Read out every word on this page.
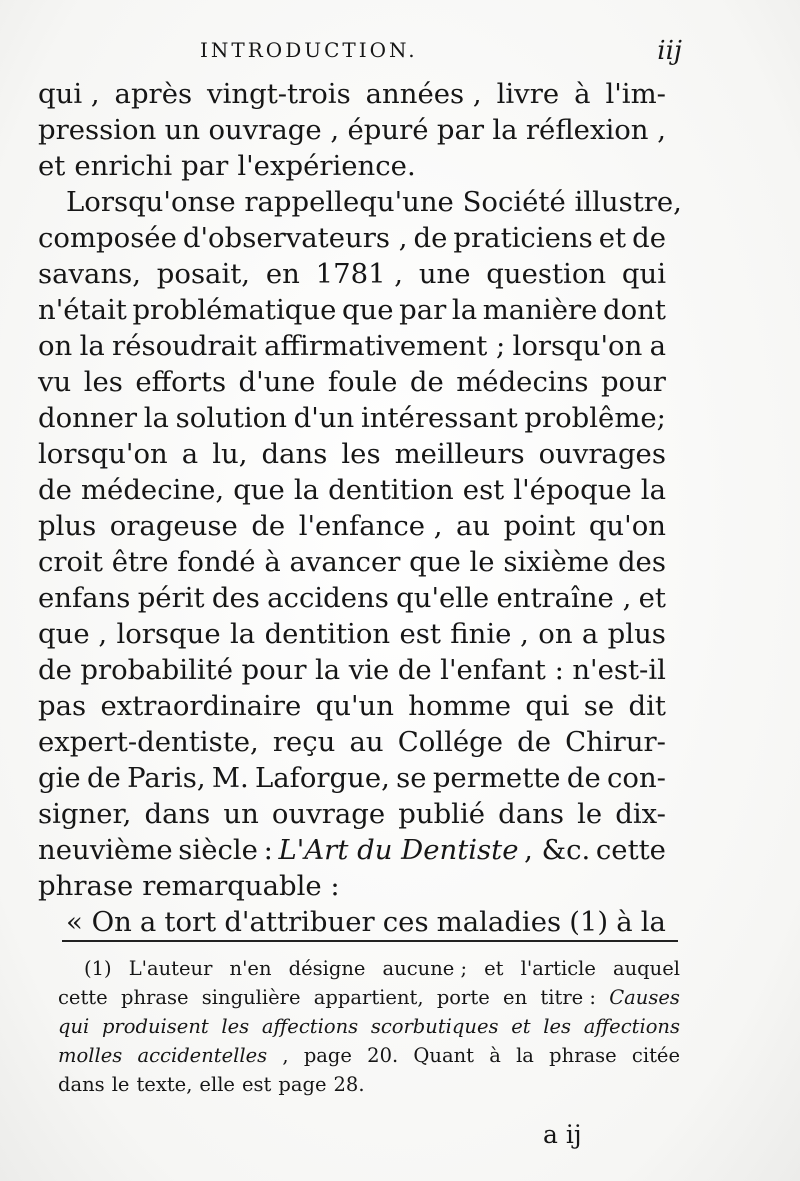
INTRODUCTION.	iij
qui , après vingt-trois années , livre à l'im-
pression un ouvrage , épuré par la réflexion ,
et enrichi par l'expérience.
Lorsqu'on se rappelle qu'une Société illustre,
composée d'observateurs , de praticiens et de
savans, posait, en 1781 , une question qui
n'était problématique que par la manière dont
on la résoudrait affirmativement ; lorsqu'on a
vu les efforts d'une foule de médecins pour
donner la solution d'un intéressant problême;
lorsqu'on a lu, dans les meilleurs ouvrages
de médecine, que la dentition est l'époque la
plus orageuse de l'enfance , au point qu'on
croit être fondé à avancer que le sixième des
enfans périt des accidens qu'elle entraîne , et
que , lorsque la dentition est finie , on a plus
de probabilité pour la vie de l'enfant : n'est-il
pas extraordinaire qu'un homme qui se dit
expert-dentiste, reçu au Collége de Chirur-
gie de Paris, M. Laforgue, se permette de con-
signer, dans un ouvrage publié dans le dix-
neuvième siècle : L'Art du Dentiste , &c. cette
phrase remarquable :
« On a tort d'attribuer ces maladies (1) à la
(1) L'auteur n'en désigne aucune ; et l'article auquel
cette phrase singulière appartient, porte en titre : Causes
qui produisent les affections scorbutiques et les affections
molles accidentelles , page 20. Quant à la phrase citée
dans le texte, elle est page 28.
a ij
